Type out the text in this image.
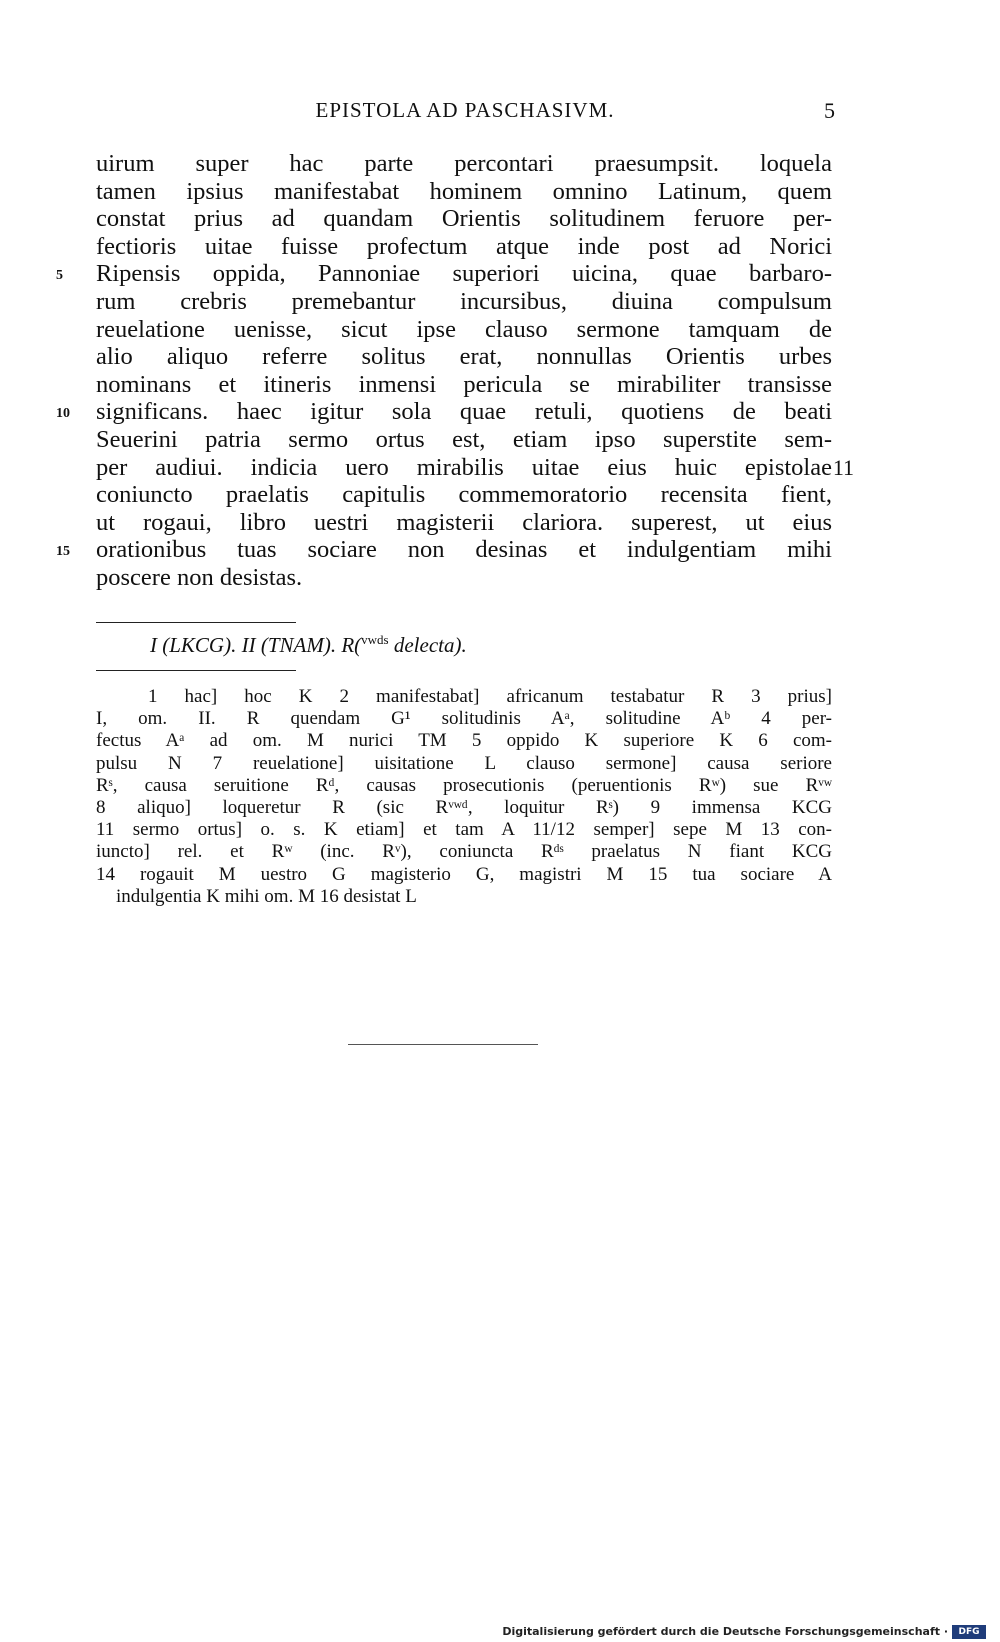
EPISTOLA AD PASCHASIVM.	5
uirum super hac parte percontari praesumpsit. loquela
tamen ipsius manifestabat hominem omnino Latinum, quem
constat prius ad quandam Orientis solitudinem feruore per-
fectioris uitae fuisse profectum atque inde post ad Norici
5	Ripensis oppida, Pannoniae superiori uicina, quae barbaro-
rum crebris premebantur incursibus, diuina compulsum
reuelatione uenisse, sicut ipse clauso sermone tamquam de
alio aliquo referre solitus erat, nonnullas Orientis urbes
nominans et itineris inmensi pericula se mirabiliter transisse
10	significans. haec igitur sola quae retuli, quotiens de beati
Seuerini patria sermo ortus est, etiam ipso superstite sem-
per audiui. indicia uero mirabilis uitae eius huic epistolae 11
coniuncto praelatis capitulis commemoratorio recensita fient,
ut rogaui, libro uestri magisterii clariora. superest, ut eius
15	orationibus tuas sociare non desinas et indulgentiam mihi
poscere non desistas.
I (LKCG). II (TNAM). R($^{vwds}$ delecta).
1 hac] hoc K 2 manifestabat] africanum testabatur R 3 prius]
I, om. II. R quendam G¹ solitudinis Aᵃ, solitudine Aᵇ 4 per-
fectus Aᵃ ad om. M nurici TM 5 oppido K superiore K 6 com-
pulsu N 7 reuelatione] uisitatione L clauso sermone] causa seriore
Rˢ, causa seruitione Rᵈ, causas prosecutionis (peruentionis Rʷ) sue Rᵛʷ
8 aliquo] loqueretur R (sic Rᵛʷᵈ, loquitur Rˢ) 9 immensa KCG
11 sermo ortus] o. s. K etiam] et tam A 11/12 semper] sepe M 13 con-
iuncto] rel. et Rʷ (inc. Rᵛ), coniuncta Rᵈˢ praelatus N fiant KCG
14 rogauit M uestro G magisterio G, magistri M 15 tua sociare A
indulgentia K mihi om. M 16 desistat L
Digitalisierung gefördert durch die Deutsche Forschungsgemeinschaft ·	DFG
